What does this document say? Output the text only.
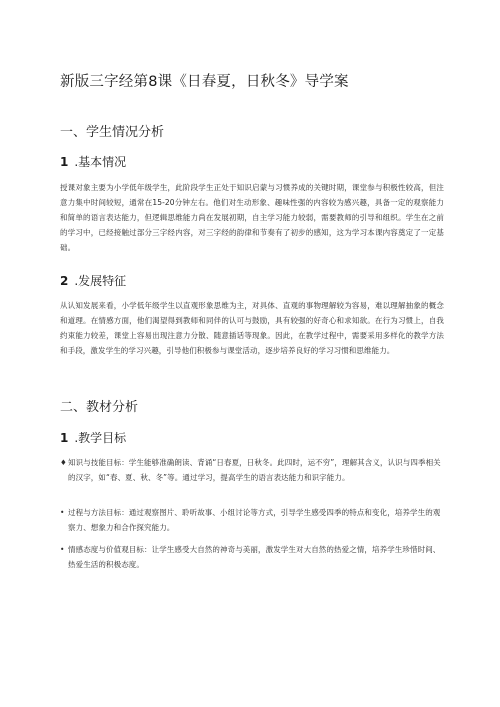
新版三字经第8课《日春夏，日秋冬》导学案
一、学生情况分析
1 .基本情况
授课对象主要为小学低年级学生，此阶段学生正处于知识启蒙与习惯养成的关键时期，课堂参与积极性较高，但注意力集中时间较短，通常在15-20分钟左右。他们对生动形象、趣味性强的内容较为感兴趣，具备一定的观察能力和简单的语言表达能力，但逻辑思维能力尚在发展初期，自主学习能力较弱，需要教师的引导和组织。学生在之前的学习中，已经接触过部分三字经内容，对三字经的韵律和节奏有了初步的感知，这为学习本课内容奠定了一定基础。
2 .发展特征
从认知发展来看，小学低年级学生以直观形象思维为主，对具体、直观的事物理解较为容易，难以理解抽象的概念和道理。在情感方面，他们渴望得到教师和同伴的认可与鼓励，具有较强的好奇心和求知欲。在行为习惯上，自我约束能力较差，课堂上容易出现注意力分散、随意插话等现象。因此，在教学过程中，需要采用多样化的教学方法和手段，激发学生的学习兴趣，引导他们积极参与课堂活动，逐步培养良好的学习习惯和思维能力。
二、教材分析
1 .教学目标
♦知识与技能目标：学生能够准确朗读、背诵“日春夏，日秋冬。此四时，运不穷”，理解其含义，认识与四季相关的汉字，如“春、夏、秋、冬”等。通过学习，提高学生的语言表达能力和识字能力。
• 过程与方法目标：通过观察图片、聆听故事、小组讨论等方式，引导学生感受四季的特点和变化，培养学生的观察力、想象力和合作探究能力。
• 情感态度与价值观目标：让学生感受大自然的神奇与美丽，激发学生对大自然的热爱之情，培养学生珍惜时间、热爱生活的积极态度。
